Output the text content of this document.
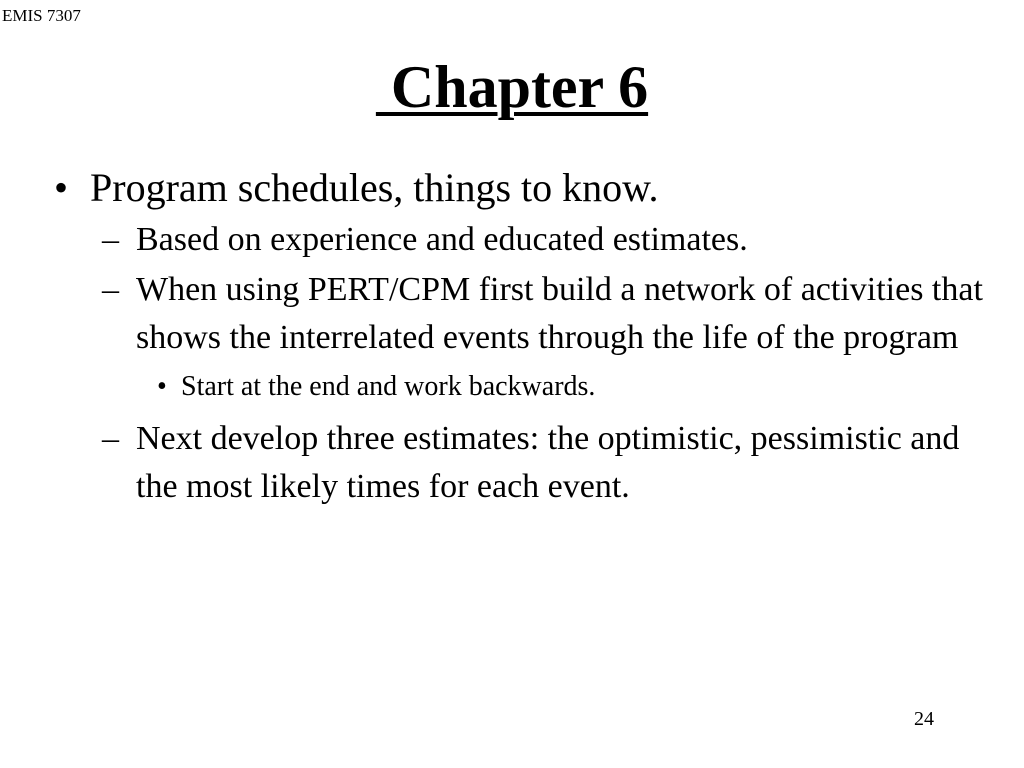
EMIS 7307
Chapter 6
• Program schedules, things to know.
– Based on experience and educated estimates.
– When using PERT/CPM first build a network of activities that shows the interrelated events through the life of the program
• Start at the end and work backwards.
– Next develop three estimates: the optimistic, pessimistic and the most likely times for each event.
24
